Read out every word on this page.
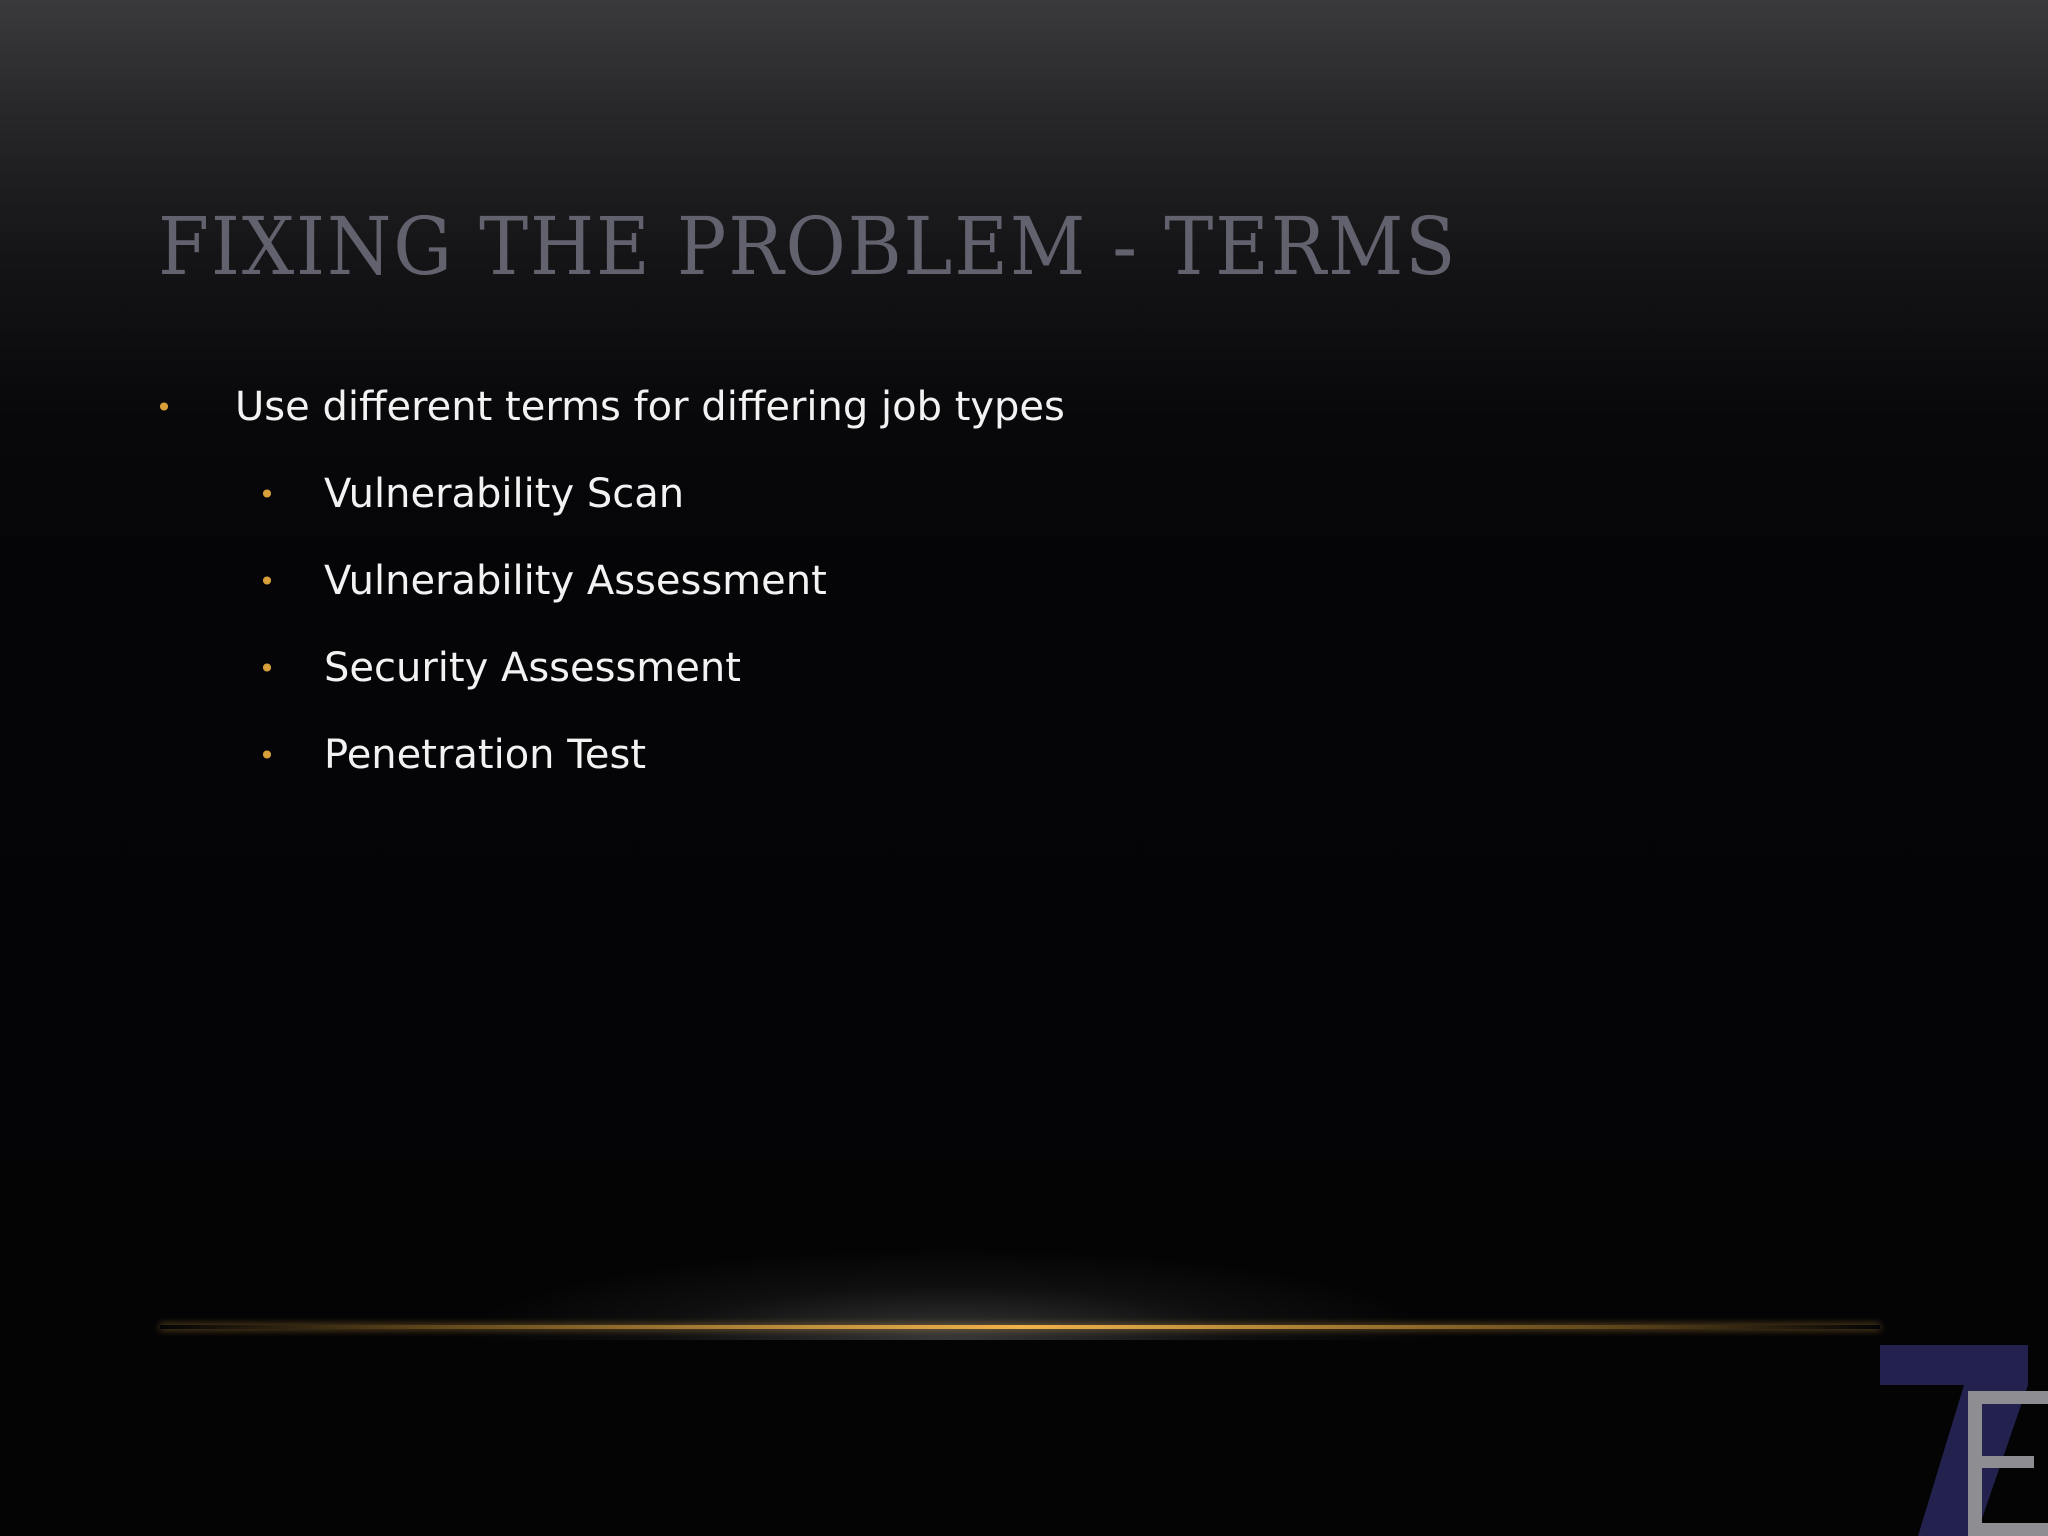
FIXING THE PROBLEM - TERMS
• Use different terms for differing job types
• Vulnerability Scan
• Vulnerability Assessment
• Security Assessment
• Penetration Test
